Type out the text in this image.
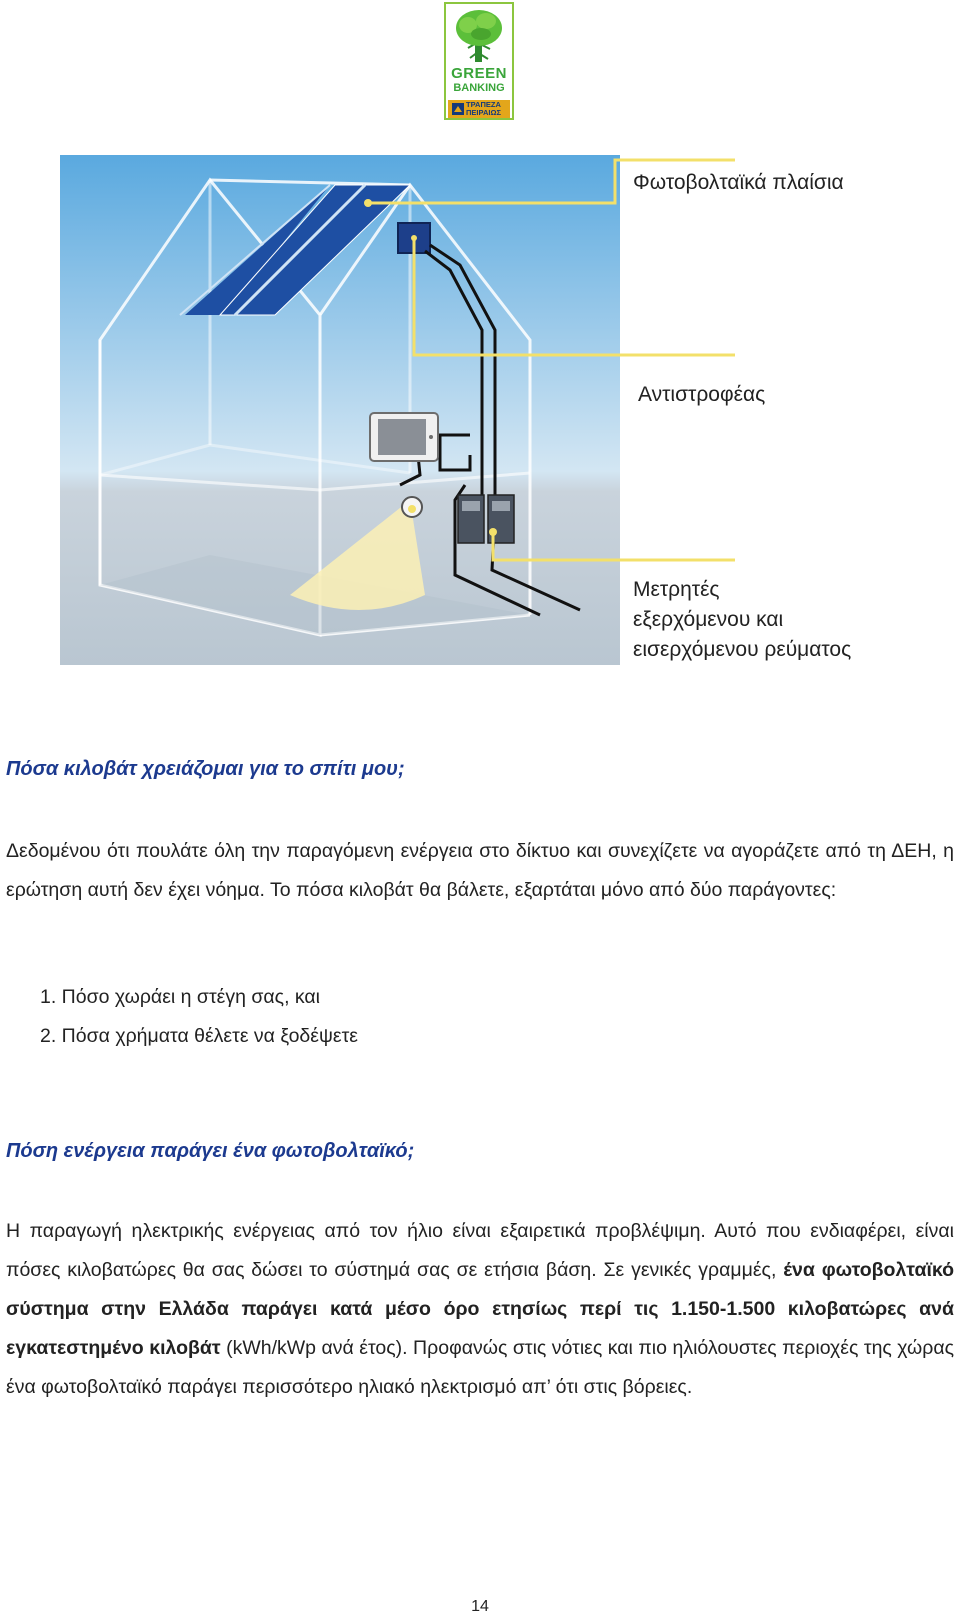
GREEN
BANKING
ΤΡΑΠΕΖΑ
ΠΕΙΡΑΙΩΣ
Φωτοβολταϊκά πλαίσια
Αντιστροφέας
Μετρητές
εξερχόμενου και
εισερχόμενου ρεύματος
Πόσα κιλοβάτ χρειάζομαι για το σπίτι μου;

Δεδομένου ότι πουλάτε όλη την παραγόμενη ενέργεια στο δίκτυο και συνεχίζετε να αγοράζετε από τη ΔΕΗ, η ερώτηση αυτή δεν έχει νόημα. Το πόσα κιλοβάτ θα βάλετε, εξαρτάται μόνο από δύο παράγοντες:

1. Πόσο χωράει η στέγη σας, και
2. Πόσα χρήματα θέλετε να ξοδέψετε
Πόση ενέργεια παράγει ένα φωτοβολταϊκό;

Η παραγωγή ηλεκτρικής ενέργειας από τον ήλιο είναι εξαιρετικά προβλέψιμη. Αυτό που ενδιαφέρει, είναι πόσες κιλοβατώρες θα σας δώσει το σύστημά σας σε ετήσια βάση. Σε γενικές γραμμές, ένα φωτοβολταϊκό σύστημα στην Ελλάδα παράγει κατά μέσο όρο ετησίως περί τις 1.150-1.500 κιλοβατώρες ανά εγκατεστημένο κιλοβάτ (kWh/kWp ανά έτος). Προφανώς στις νότιες και πιο ηλιόλουστες περιοχές της χώρας ένα φωτοβολταϊκό παράγει περισσότερο ηλιακό ηλεκτρισμό απ’ ότι στις βόρειες.

14
